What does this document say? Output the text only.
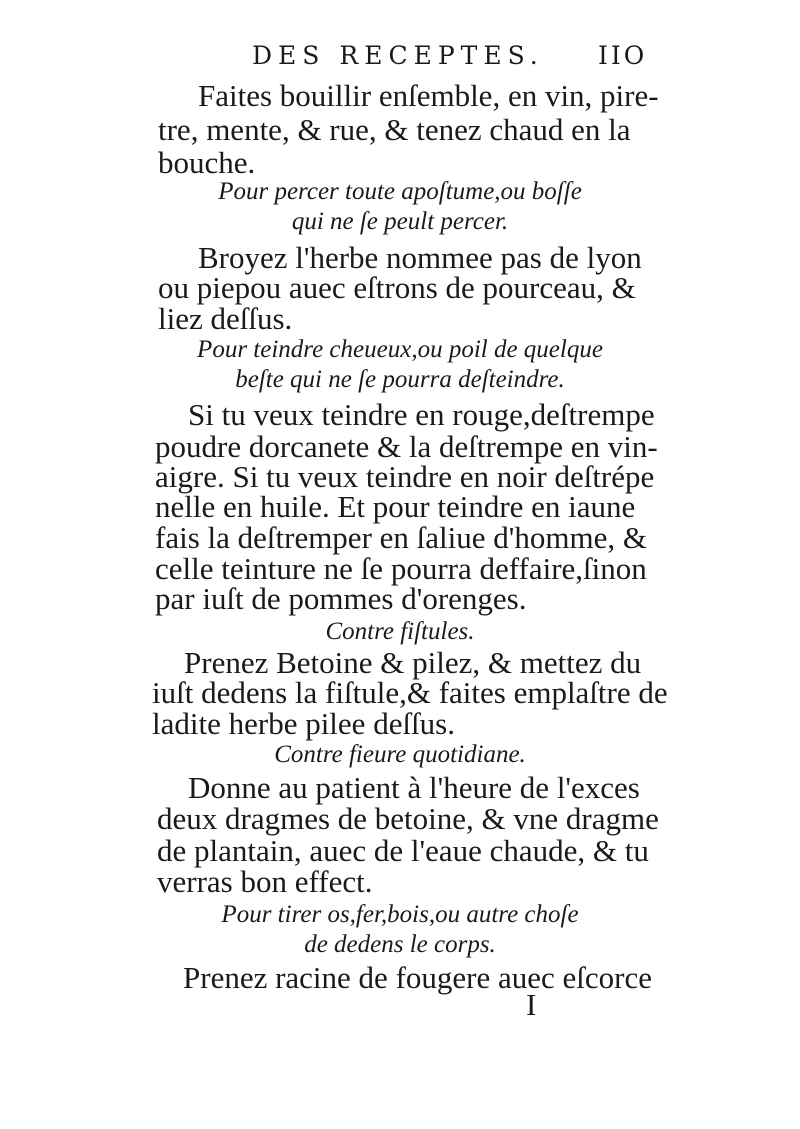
DES RECEPTES. IIO
Faites bouillir enſemble, en vin, pire-
tre, mente, & rue, & tenez chaud en la
bouche.
Pour percer toute apoſtume,ou boſſe
qui ne ſe peult percer.
Broyez l'herbe nommee pas de lyon
ou piepou auec eſtrons de pourceau, &
liez deſſus.
Pour teindre cheueux,ou poil de quelque
beſte qui ne ſe pourra deſteindre.
Si tu veux teindre en rouge,deſtrempe
poudre dorcanete & la deſtrempe en vin-
aigre. Si tu veux teindre en noir deſtrépe
nelle en huile. Et pour teindre en iaune
fais la deſtremper en ſaliue d'homme, &
celle teinture ne ſe pourra deffaire,ſinon
par iuſt de pommes d'orenges.
Contre fiſtules.
Prenez Betoine & pilez, & mettez du
iuſt dedens la fiſtule,& faites emplaſtre de
ladite herbe pilee deſſus.
Contre fieure quotidiane.
Donne au patient à l'heure de l'exces
deux dragmes de betoine, & vne dragme
de plantain, auec de l'eaue chaude, & tu
verras bon effect.
Pour tirer os,fer,bois,ou autre choſe
de dedens le corps.
Prenez racine de fougere auec eſcorce
I
